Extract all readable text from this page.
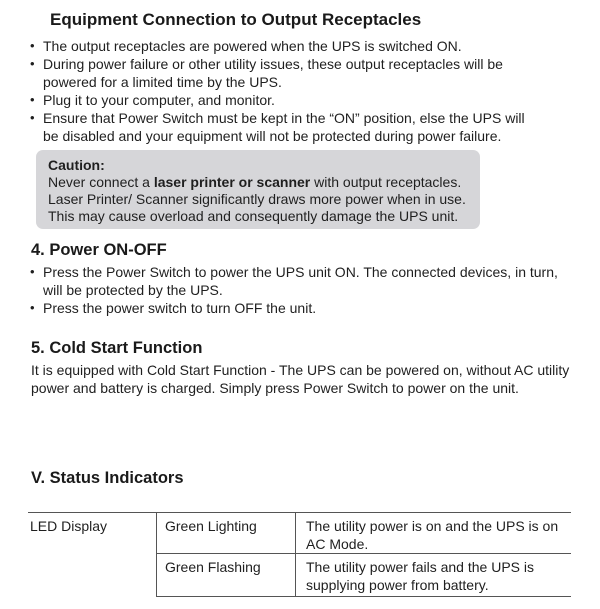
Equipment Connection to Output Receptacles
• The output receptacles are powered when the UPS is switched ON.
• During power failure or other utility issues, these output receptacles will be
powered for a limited time by the UPS.
• Plug it to your computer, and monitor.
• Ensure that Power Switch must be kept in the “ON” position, else the UPS will
be disabled and your equipment will not be protected during power failure.
Caution:
Never connect a laser printer or scanner with output receptacles.
Laser Printer/ Scanner significantly draws more power when in use.
This may cause overload and consequently damage the UPS unit.
4. Power ON-OFF
• Press the Power Switch to power the UPS unit ON. The connected devices, in turn,
will be protected by the UPS.
• Press the power switch to turn OFF the unit.
5. Cold Start Function

It is equipped with Cold Start Function - The UPS can be powered on, without AC utility
power and battery is charged. Simply press Power Switch to power on the unit.

V. Status Indicators
LED Display	Green Lighting	The utility power is on and the UPS is on
AC Mode.
	Green Flashing	The utility power fails and the UPS is
supplying power from battery.
